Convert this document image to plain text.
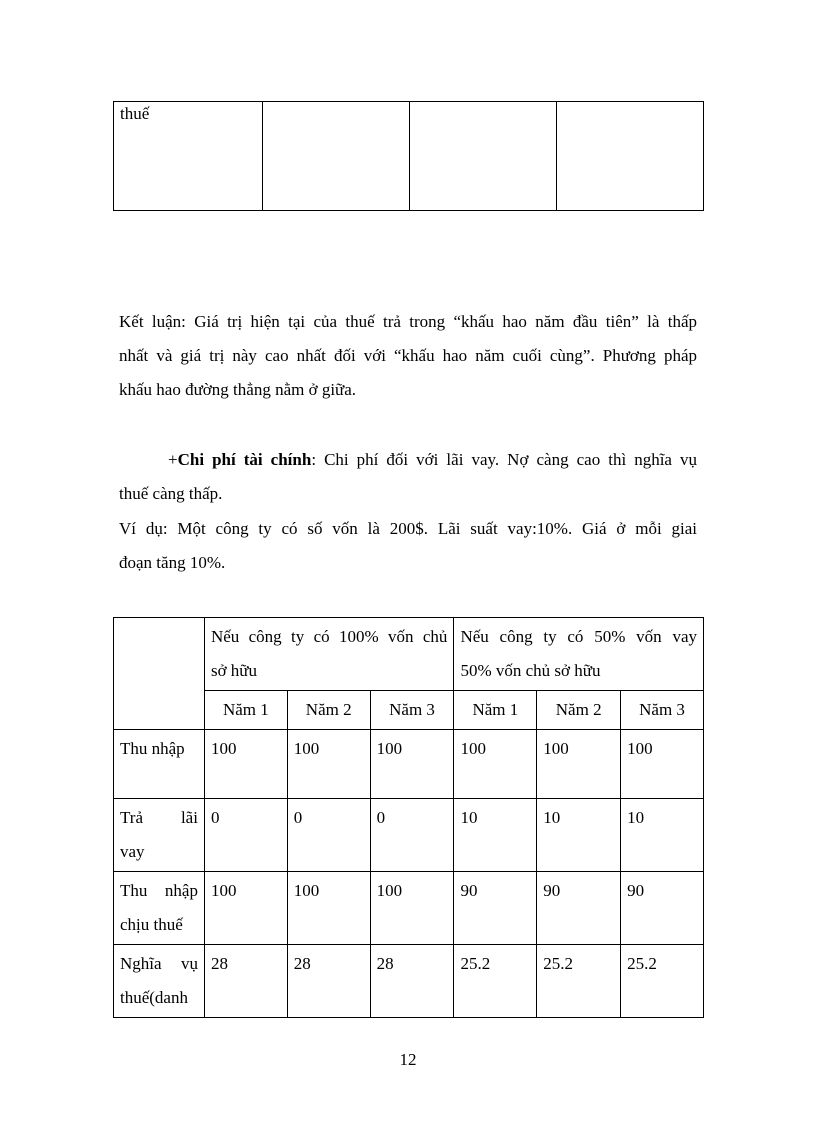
thuế			

Kết luận: Giá trị hiện tại của thuế trả trong “khấu hao năm đầu tiên” là thấp
nhất và giá trị này cao nhất đối với “khấu hao năm cuối cùng”. Phương pháp
khấu hao đường thẳng nằm ở giữa.

+Chi phí tài chính: Chi phí đối với lãi vay. Nợ càng cao thì nghĩa vụ
thuế càng thấp.

Ví dụ: Một công ty có số vốn là 200$. Lãi suất vay:10%. Giá ở mỗi giai
đoạn tăng 10%.

	Nếu công ty có 100% vốn chủ
sở hữu			Nếu công ty có 50% vốn vay
50% vốn chủ sở hữu		

	Năm 1	Năm 2	Năm 3	Năm 1	Năm 2	Năm 3

Thu nhập	100	100	100	100	100	100

Trả lãi
vay	0	0	0	10	10	10

Thu nhập
chịu thuế	100	100	100	90	90	90

Nghĩa vụ
thuế(danh	28	28	28	25.2	25.2	25.2
12
